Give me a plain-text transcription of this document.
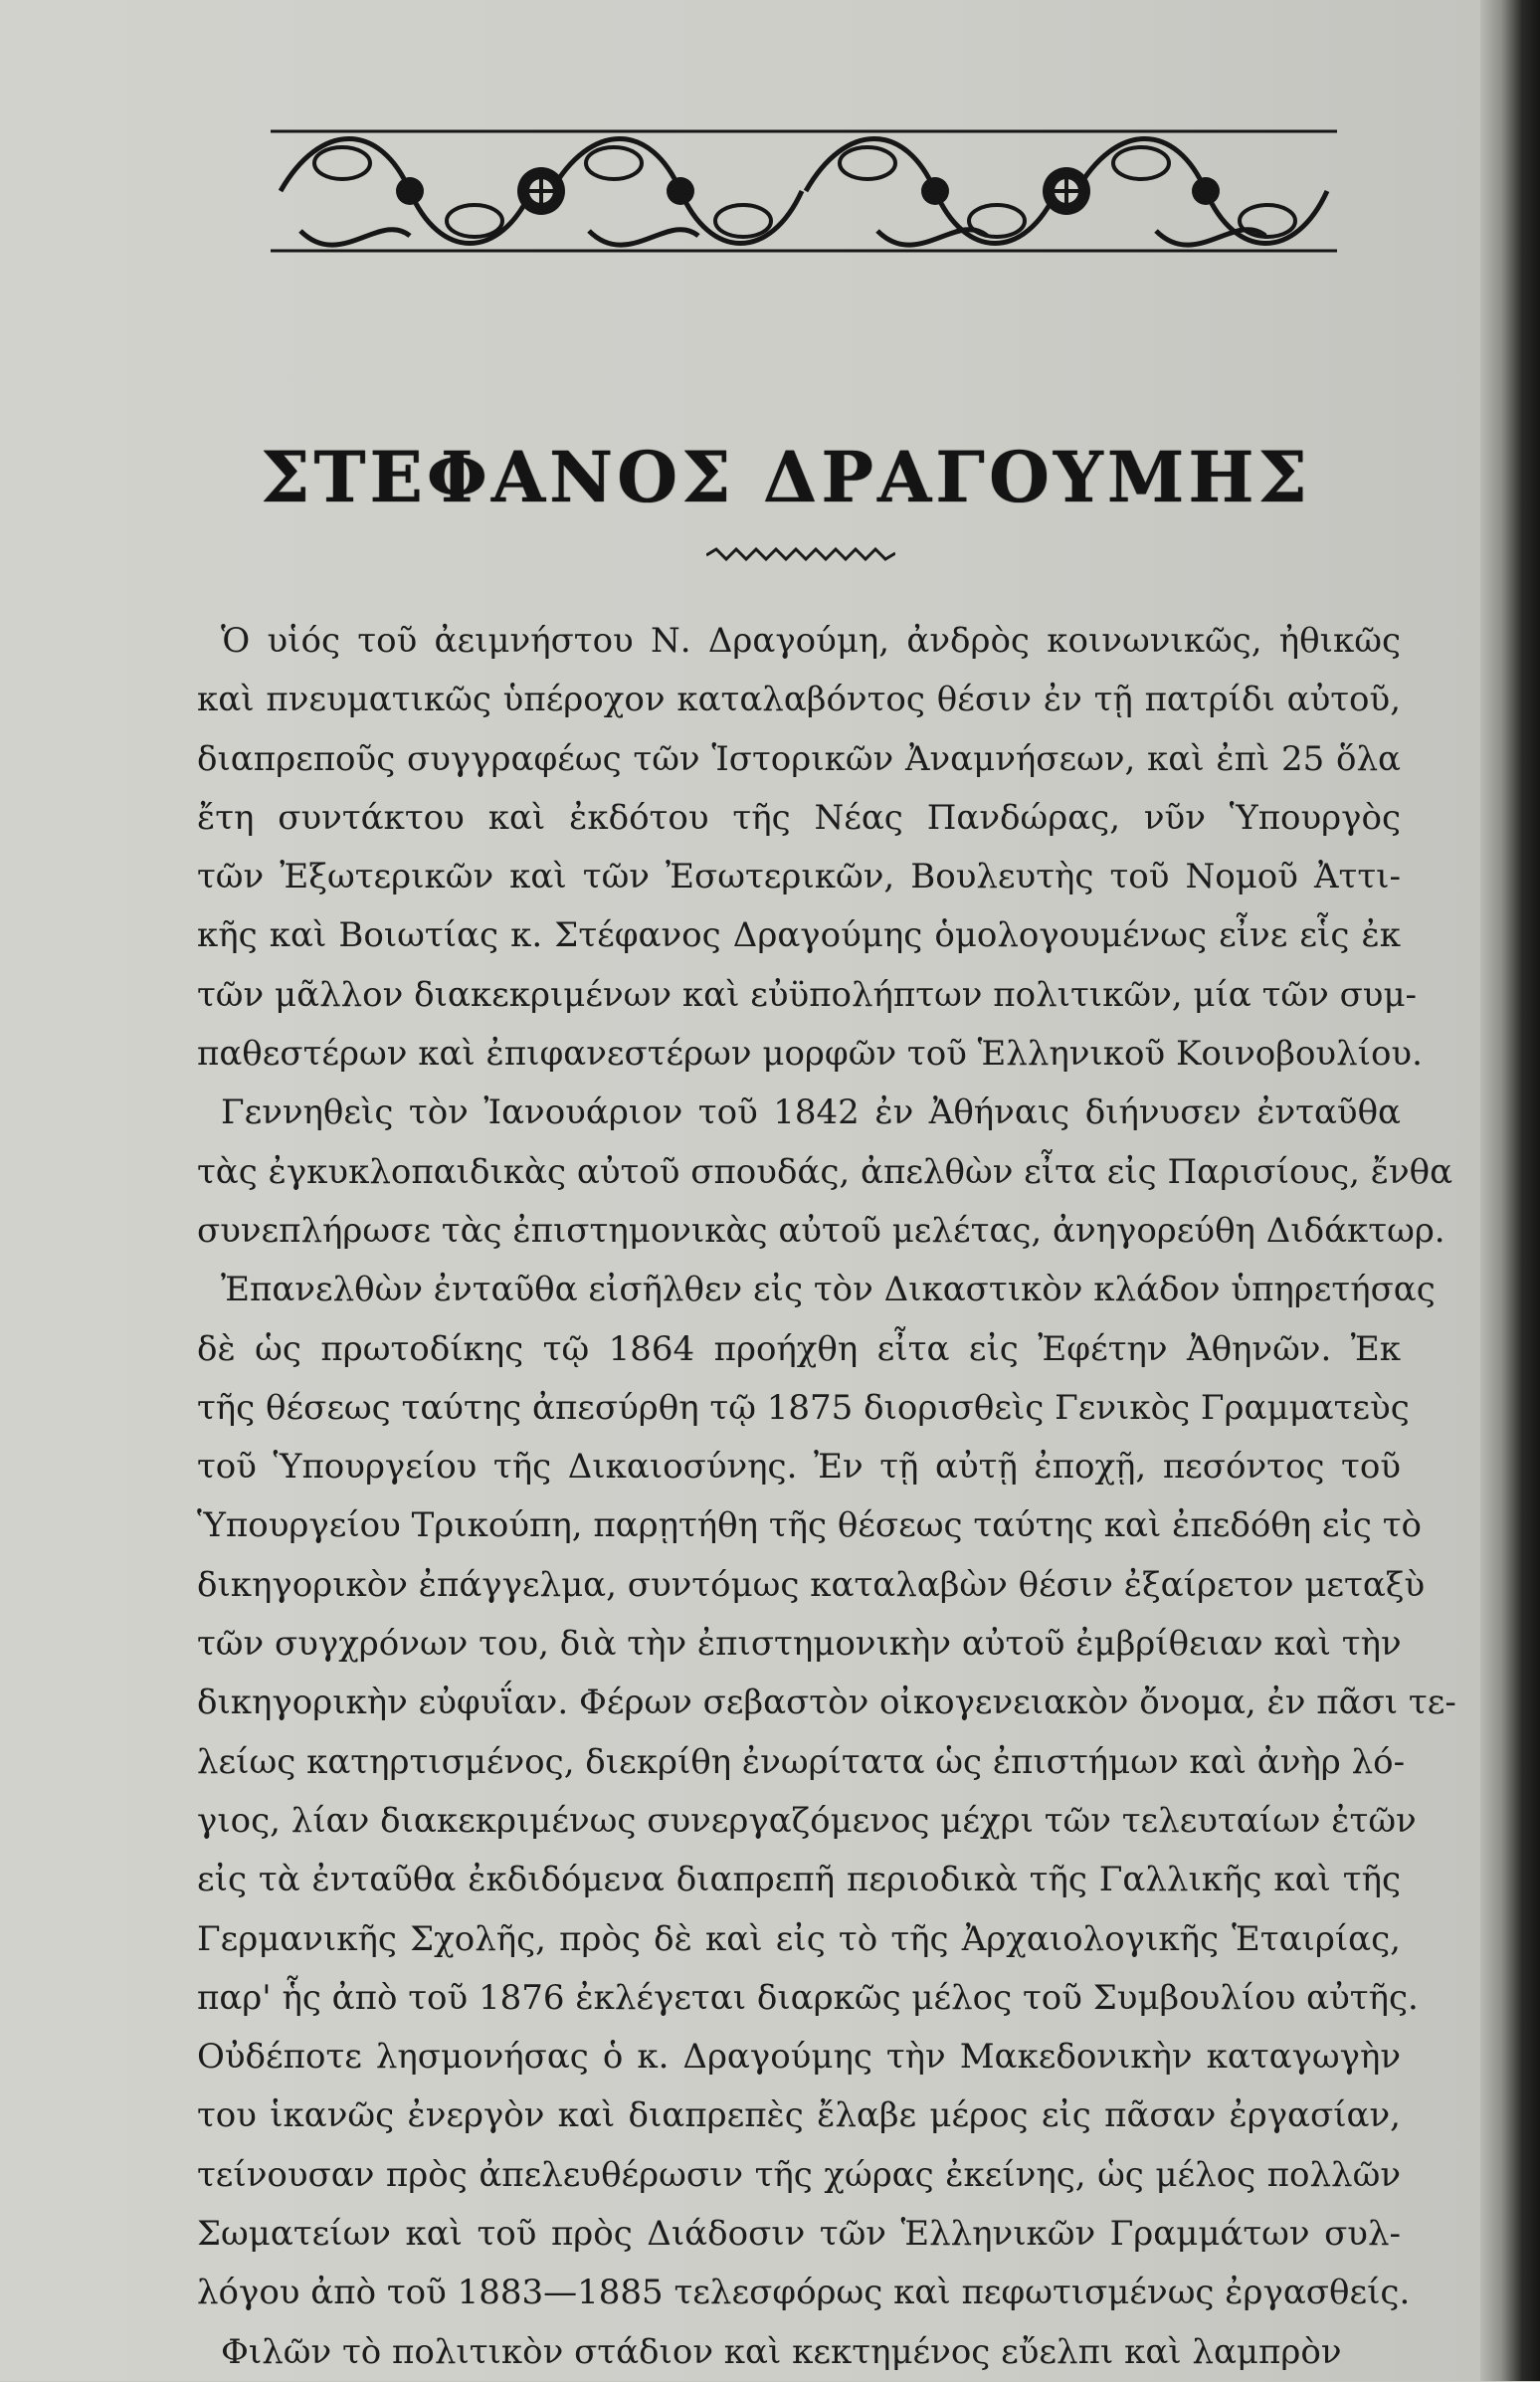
ΣΤΕΦΑΝΟΣ ΔΡΑΓΟΥΜΗΣ
Ὁ υἱός τοῦ ἀειμνήστου Ν. Δραγούμη, ἀνδρὸς κοινωνικῶς, ἠθικῶς
καὶ πνευματικῶς ὑπέροχον καταλαβόντος θέσιν ἐν τῇ πατρίδι αὐτοῦ,
διαπρεποῦς συγγραφέως τῶν Ἱστορικῶν Ἀναμνήσεων, καὶ ἐπὶ 25 ὅλα
ἔτη συντάκτου καὶ ἐκδότου τῆς Νέας Πανδώρας, νῦν Ὑπουργὸς
τῶν Ἐξωτερικῶν καὶ τῶν Ἐσωτερικῶν, Βουλευτὴς τοῦ Νομοῦ Ἀττι-
κῆς καὶ Βοιωτίας κ. Στέφανος Δραγούμης ὁμολογουμένως εἶνε εἷς ἐκ
τῶν μᾶλλον διακεκριμένων καὶ εὐϋπολήπτων πολιτικῶν, μία τῶν συμ-
παθεστέρων καὶ ἐπιφανεστέρων μορφῶν τοῦ Ἑλληνικοῦ Κοινοβουλίου.
Γεννηθεὶς τὸν Ἰανουάριον τοῦ 1842 ἐν Ἀθήναις διήνυσεν ἐνταῦθα
τὰς ἐγκυκλοπαιδικὰς αὐτοῦ σπουδάς, ἀπελθὼν εἶτα εἰς Παρισίους, ἔνθα
συνεπλήρωσε τὰς ἐπιστημονικὰς αὐτοῦ μελέτας, ἀνηγορεύθη Διδάκτωρ.
Ἐπανελθὼν ἐνταῦθα εἰσῆλθεν εἰς τὸν Δικαστικὸν κλάδον ὑπηρετήσας
δὲ ὡς πρωτοδίκης τῷ 1864 προήχθη εἶτα εἰς Ἐφέτην Ἀθηνῶν. Ἐκ
τῆς θέσεως ταύτης ἀπεσύρθη τῷ 1875 διορισθεὶς Γενικὸς Γραμματεὺς
τοῦ Ὑπουργείου τῆς Δικαιοσύνης. Ἐν τῇ αὐτῇ ἐποχῇ, πεσόντος τοῦ
Ὑπουργείου Τρικούπη, παρῃτήθη τῆς θέσεως ταύτης καὶ ἐπεδόθη εἰς τὸ
δικηγορικὸν ἐπάγγελμα, συντόμως καταλαβὼν θέσιν ἐξαίρετον μεταξὺ
τῶν συγχρόνων του, διὰ τὴν ἐπιστημονικὴν αὐτοῦ ἐμβρίθειαν καὶ τὴν
δικηγορικὴν εὐφυΐαν. Φέρων σεβαστὸν οἰκογενειακὸν ὄνομα, ἐν πᾶσι τε-
λείως κατηρτισμένος, διεκρίθη ἐνωρίτατα ὡς ἐπιστήμων καὶ ἀνὴρ λό-
γιος, λίαν διακεκριμένως συνεργαζόμενος μέχρι τῶν τελευταίων ἐτῶν
εἰς τὰ ἐνταῦθα ἐκδιδόμενα διαπρεπῆ περιοδικὰ τῆς Γαλλικῆς καὶ τῆς
Γερμανικῆς Σχολῆς, πρὸς δὲ καὶ εἰς τὸ τῆς Ἀρχαιολογικῆς Ἑταιρίας,
παρ' ἧς ἀπὸ τοῦ 1876 ἐκλέγεται διαρκῶς μέλος τοῦ Συμβουλίου αὐτῆς.
Οὐδέποτε λησμονήσας ὁ κ. Δραγούμης τὴν Μακεδονικὴν καταγωγὴν
του ἱκανῶς ἐνεργὸν καὶ διαπρεπὲς ἔλαβε μέρος εἰς πᾶσαν ἐργασίαν,
τείνουσαν πρὸς ἀπελευθέρωσιν τῆς χώρας ἐκείνης, ὡς μέλος πολλῶν
Σωματείων καὶ τοῦ πρὸς Διάδοσιν τῶν Ἑλληνικῶν Γραμμάτων συλ-
λόγου ἀπὸ τοῦ 1883—1885 τελεσφόρως καὶ πεφωτισμένως ἐργασθείς.
Φιλῶν τὸ πολιτικὸν στάδιον καὶ κεκτημένος εὔελπι καὶ λαμπρὸν
